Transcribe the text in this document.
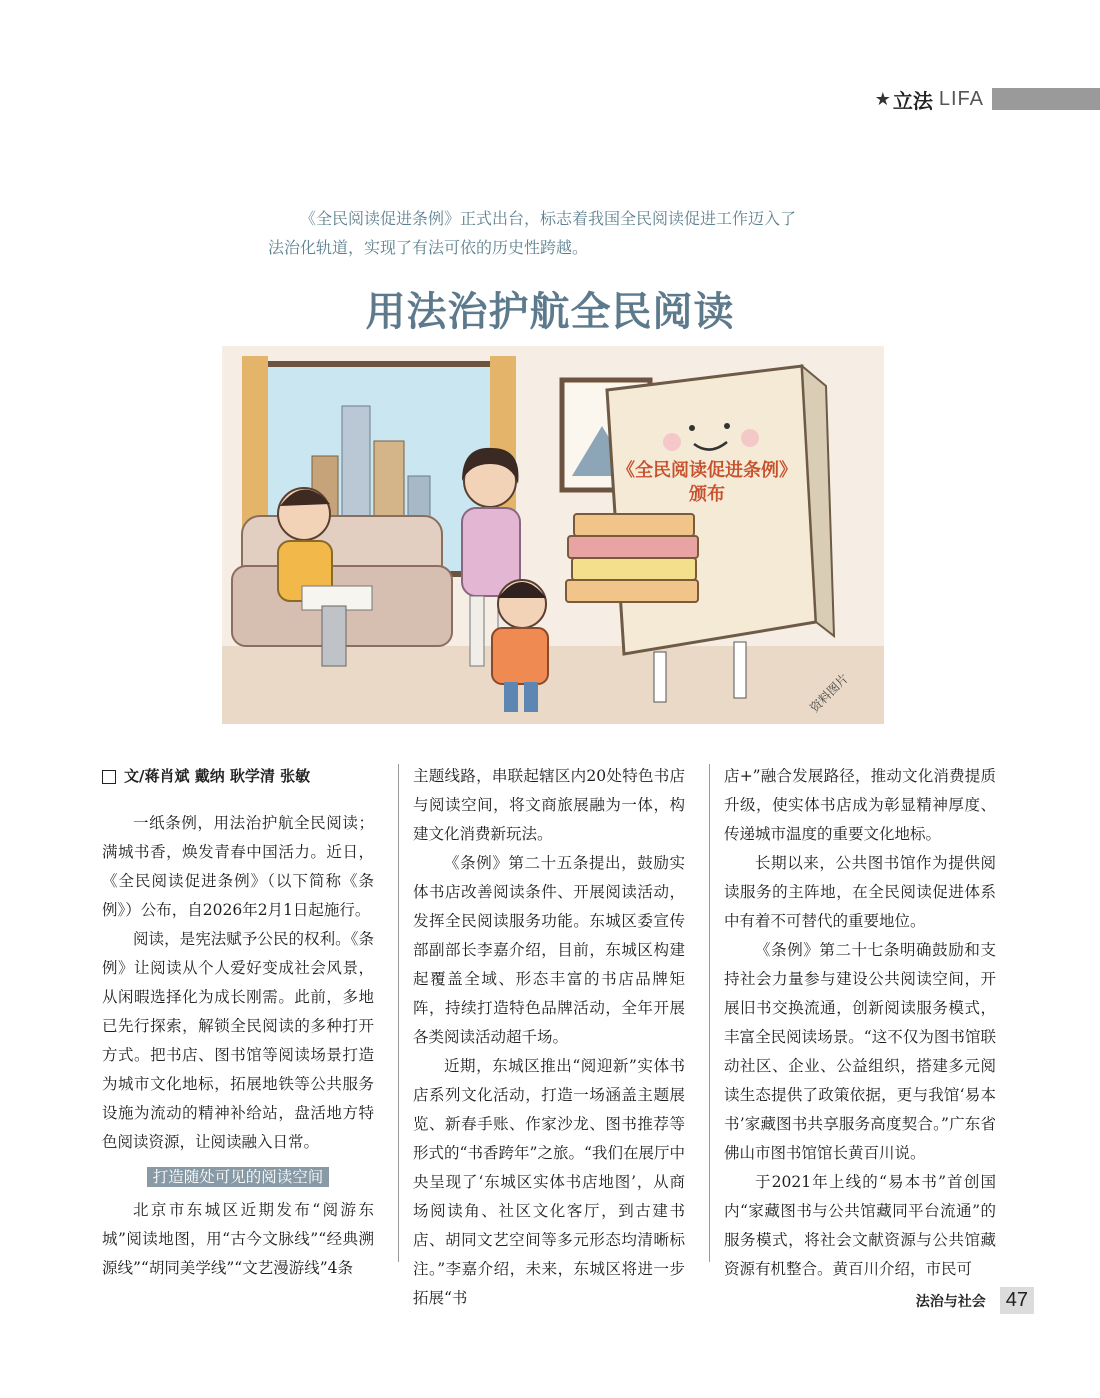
★ 立法 LIFA

《全民阅读促进条例》正式出台，标志着我国全民阅读促进工作迈入了

法治化轨道，实现了有法可依的历史性跨越。

用法治护航全民阅读
《全民阅读促进条例》
颁布
资料图片
文/蒋肖斌 戴纳 耿学清 张敏

一纸条例，用法治护航全民阅读；满城书香，焕发青春中国活力。近日，《全民阅读促进条例》（以下简称《条例》）公布，自2026年2月1日起施行。

阅读，是宪法赋予公民的权利。《条例》让阅读从个人爱好变成社会风景，从闲暇选择化为成长刚需。此前，多地已先行探索，解锁全民阅读的多种打开方式。把书店、图书馆等阅读场景打造为城市文化地标，拓展地铁等公共服务设施为流动的精神补给站，盘活地方特色阅读资源，让阅读融入日常。

打造随处可见的阅读空间

北京市东城区近期发布“阅游东城”阅读地图，用“古今文脉线”“经典溯源线”“胡同美学线”“文艺漫游线”4条

主题线路，串联起辖区内20处特色书店与阅读空间，将文商旅展融为一体，构建文化消费新玩法。

《条例》第二十五条提出，鼓励实体书店改善阅读条件、开展阅读活动，发挥全民阅读服务功能。东城区委宣传部副部长李嘉介绍，目前，东城区构建起覆盖全域、形态丰富的书店品牌矩阵，持续打造特色品牌活动，全年开展各类阅读活动超千场。

近期，东城区推出“阅迎新”实体书店系列文化活动，打造一场涵盖主题展览、新春手账、作家沙龙、图书推荐等形式的“书香跨年”之旅。“我们在展厅中央呈现了‘东城区实体书店地图’，从商场阅读角、社区文化客厅，到古建书店、胡同文艺空间等多元形态均清晰标注。”李嘉介绍，未来，东城区将进一步拓展“书

店+”融合发展路径，推动文化消费提质升级，使实体书店成为彰显精神厚度、传递城市温度的重要文化地标。

长期以来，公共图书馆作为提供阅读服务的主阵地，在全民阅读促进体系中有着不可替代的重要地位。

《条例》第二十七条明确鼓励和支持社会力量参与建设公共阅读空间，开展旧书交换流通，创新阅读服务模式，丰富全民阅读场景。“这不仅为图书馆联动社区、企业、公益组织，搭建多元阅读生态提供了政策依据，更与我馆‘易本书’家藏图书共享服务高度契合。”广东省佛山市图书馆馆长黄百川说。

于2021年上线的“易本书”首创国内“家藏图书与公共馆藏同平台流通”的服务模式，将社会文献资源与公共馆藏资源有机整合。黄百川介绍，市民可

法治与社会	47
